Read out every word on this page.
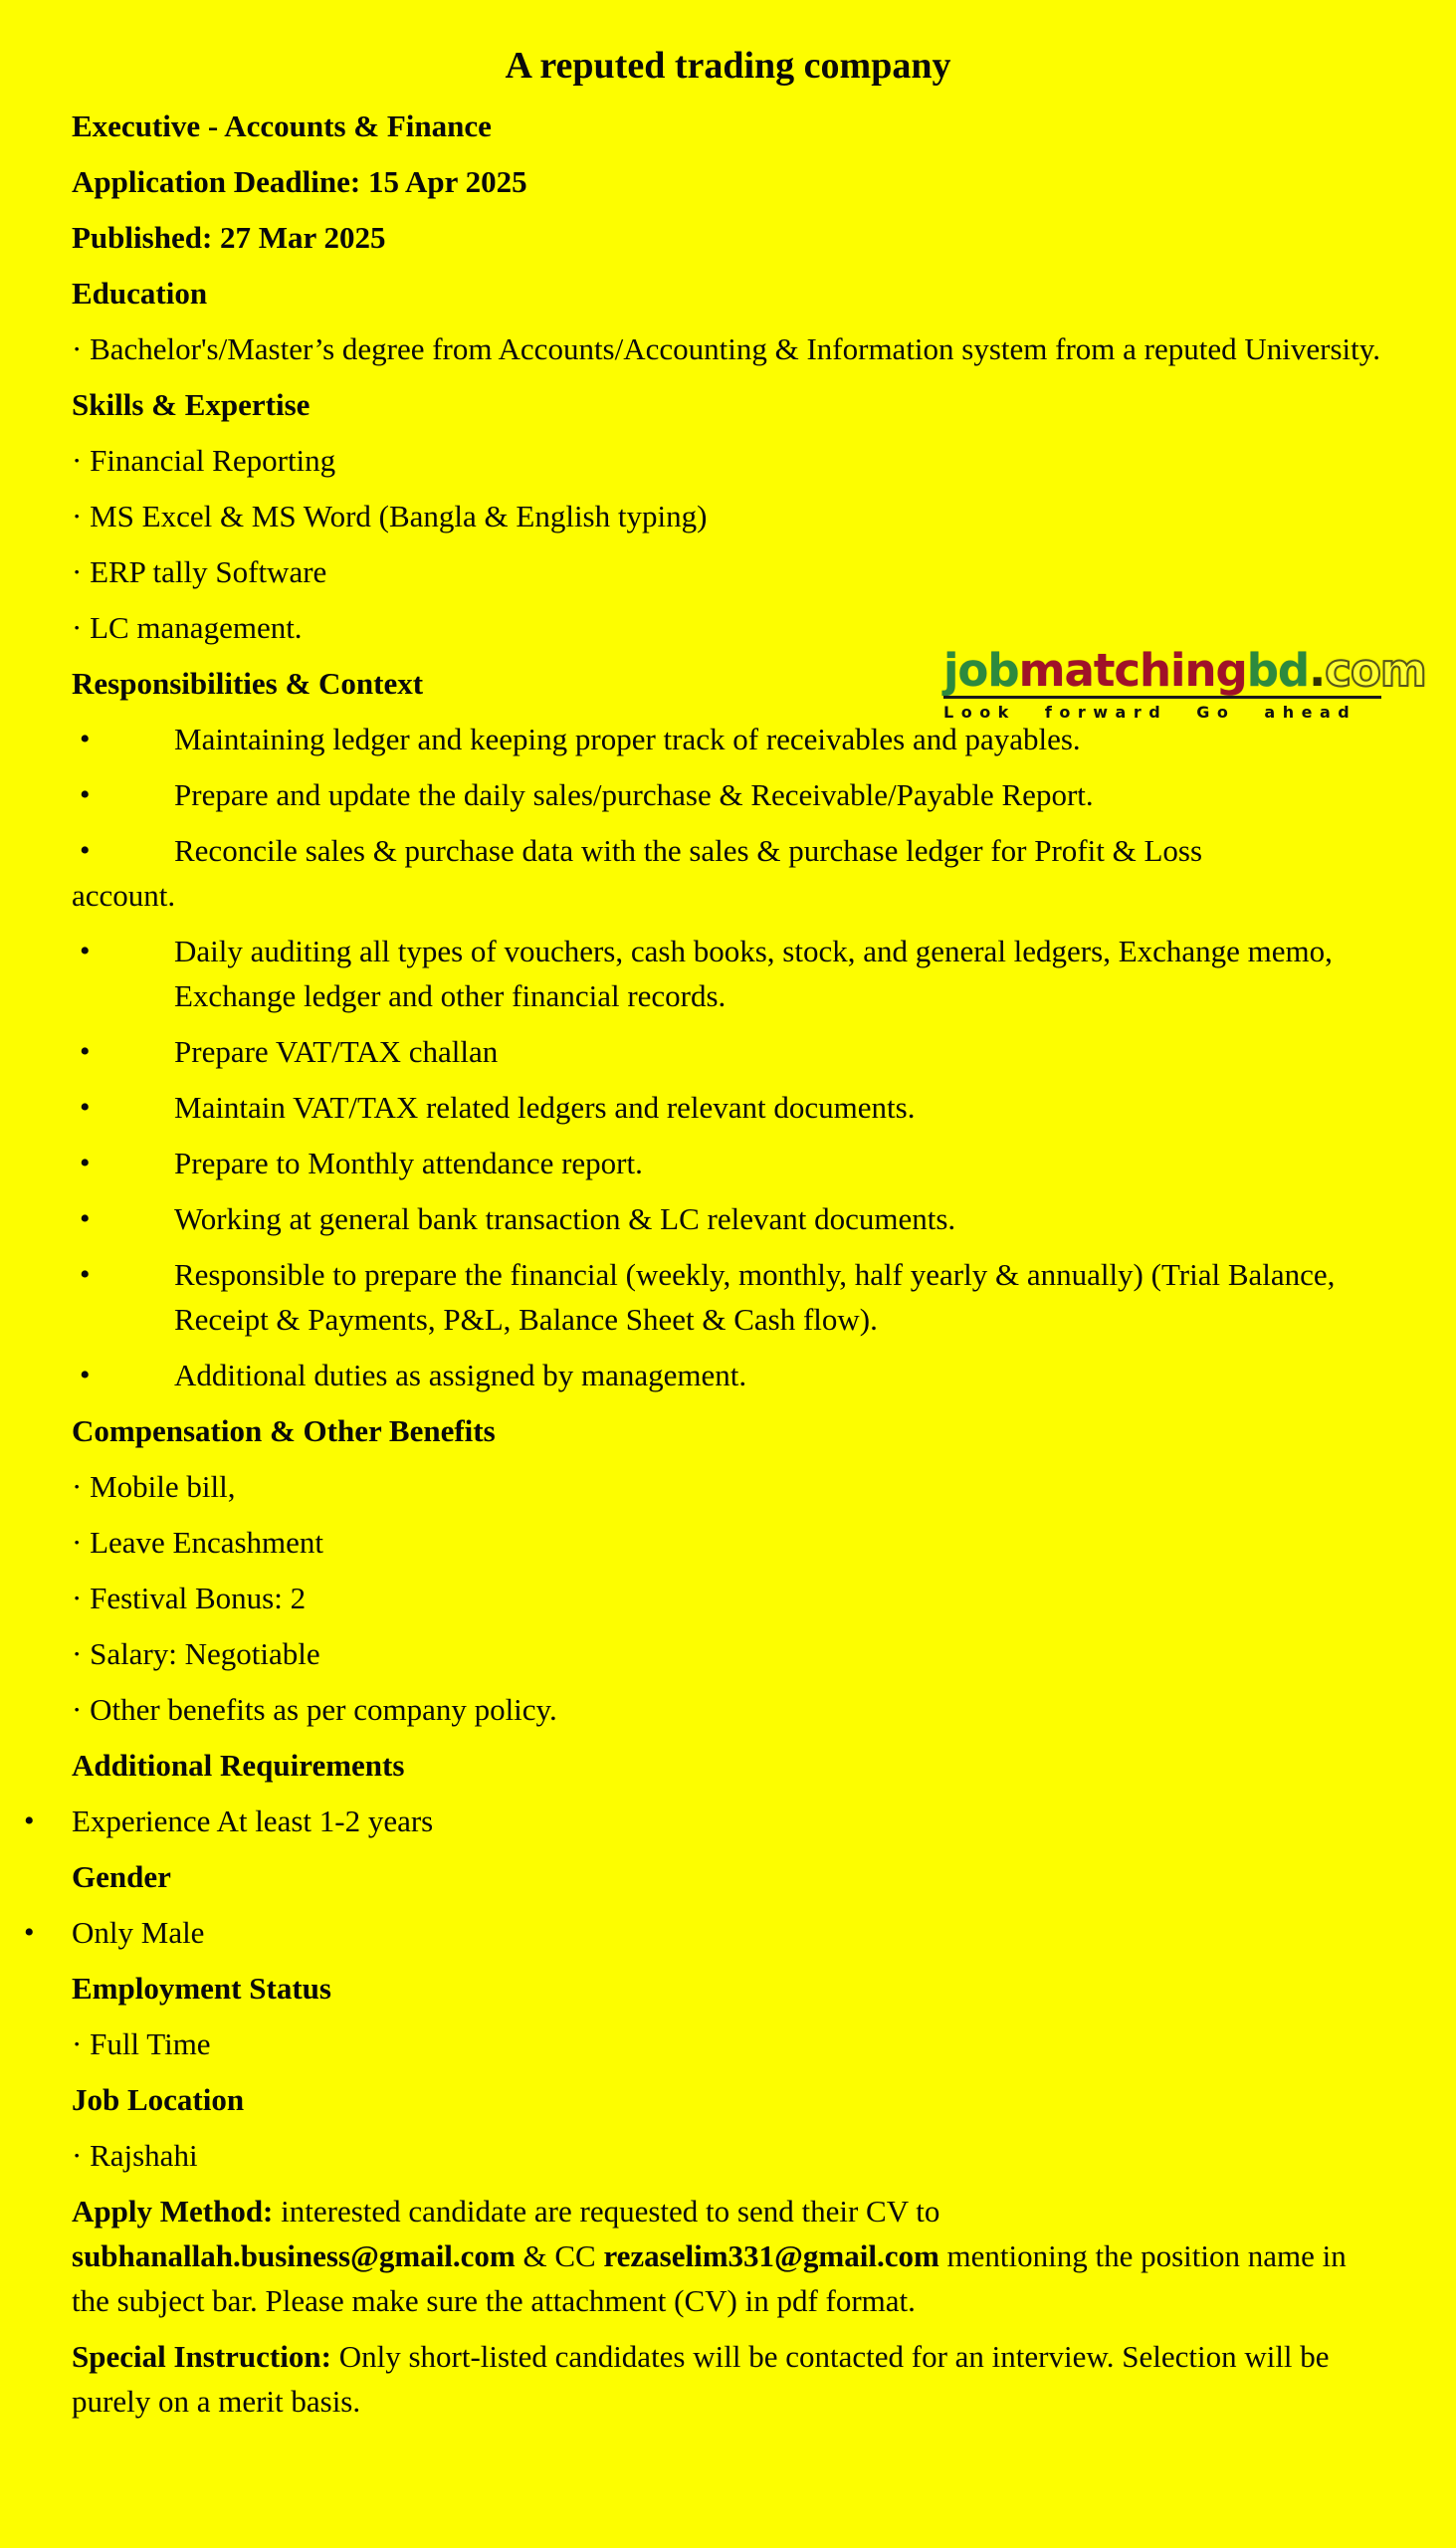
A reputed trading company

Executive - Accounts & Finance

Application Deadline: 15 Apr 2025

Published: 27 Mar 2025

Education

· Bachelor's/Master’s degree from Accounts/Accounting & Information system from a reputed University.

Skills & Expertise

· Financial Reporting

· MS Excel & MS Word (Bangla & English typing)

· ERP tally Software

· LC management.

Responsibilities & Context

• Maintaining ledger and keeping proper track of receivables and payables.
• Prepare and update the daily sales/purchase & Receivable/Payable Report.
• Reconcile sales & purchase data with the sales & purchase ledger for Profit & Loss

account.

• Daily auditing all types of vouchers, cash books, stock, and general ledgers, Exchange memo, Exchange ledger and other financial records.
• Prepare VAT/TAX challan
• Maintain VAT/TAX related ledgers and relevant documents.
• Prepare to Monthly attendance report.
• Working at general bank transaction & LC relevant documents.
• Responsible to prepare the financial (weekly, monthly, half yearly & annually) (Trial Balance, Receipt & Payments, P&L, Balance Sheet & Cash flow).
• Additional duties as assigned by management.

Compensation & Other Benefits

· Mobile bill,

· Leave Encashment

· Festival Bonus: 2

· Salary: Negotiable

· Other benefits as per company policy.

Additional Requirements

• Experience At least 1-2 years

Gender

• Only Male

Employment Status

· Full Time

Job Location

· Rajshahi

Apply Method: interested candidate are requested to send their CV to subhanallah.business@gmail.com & CC rezaselim331@gmail.com mentioning the position name in the subject bar. Please make sure the attachment (CV) in pdf format.

Special Instruction: Only short-listed candidates will be contacted for an interview. Selection will be purely on a merit basis.

jobmatchingbd.com
Look forward Go ahead
